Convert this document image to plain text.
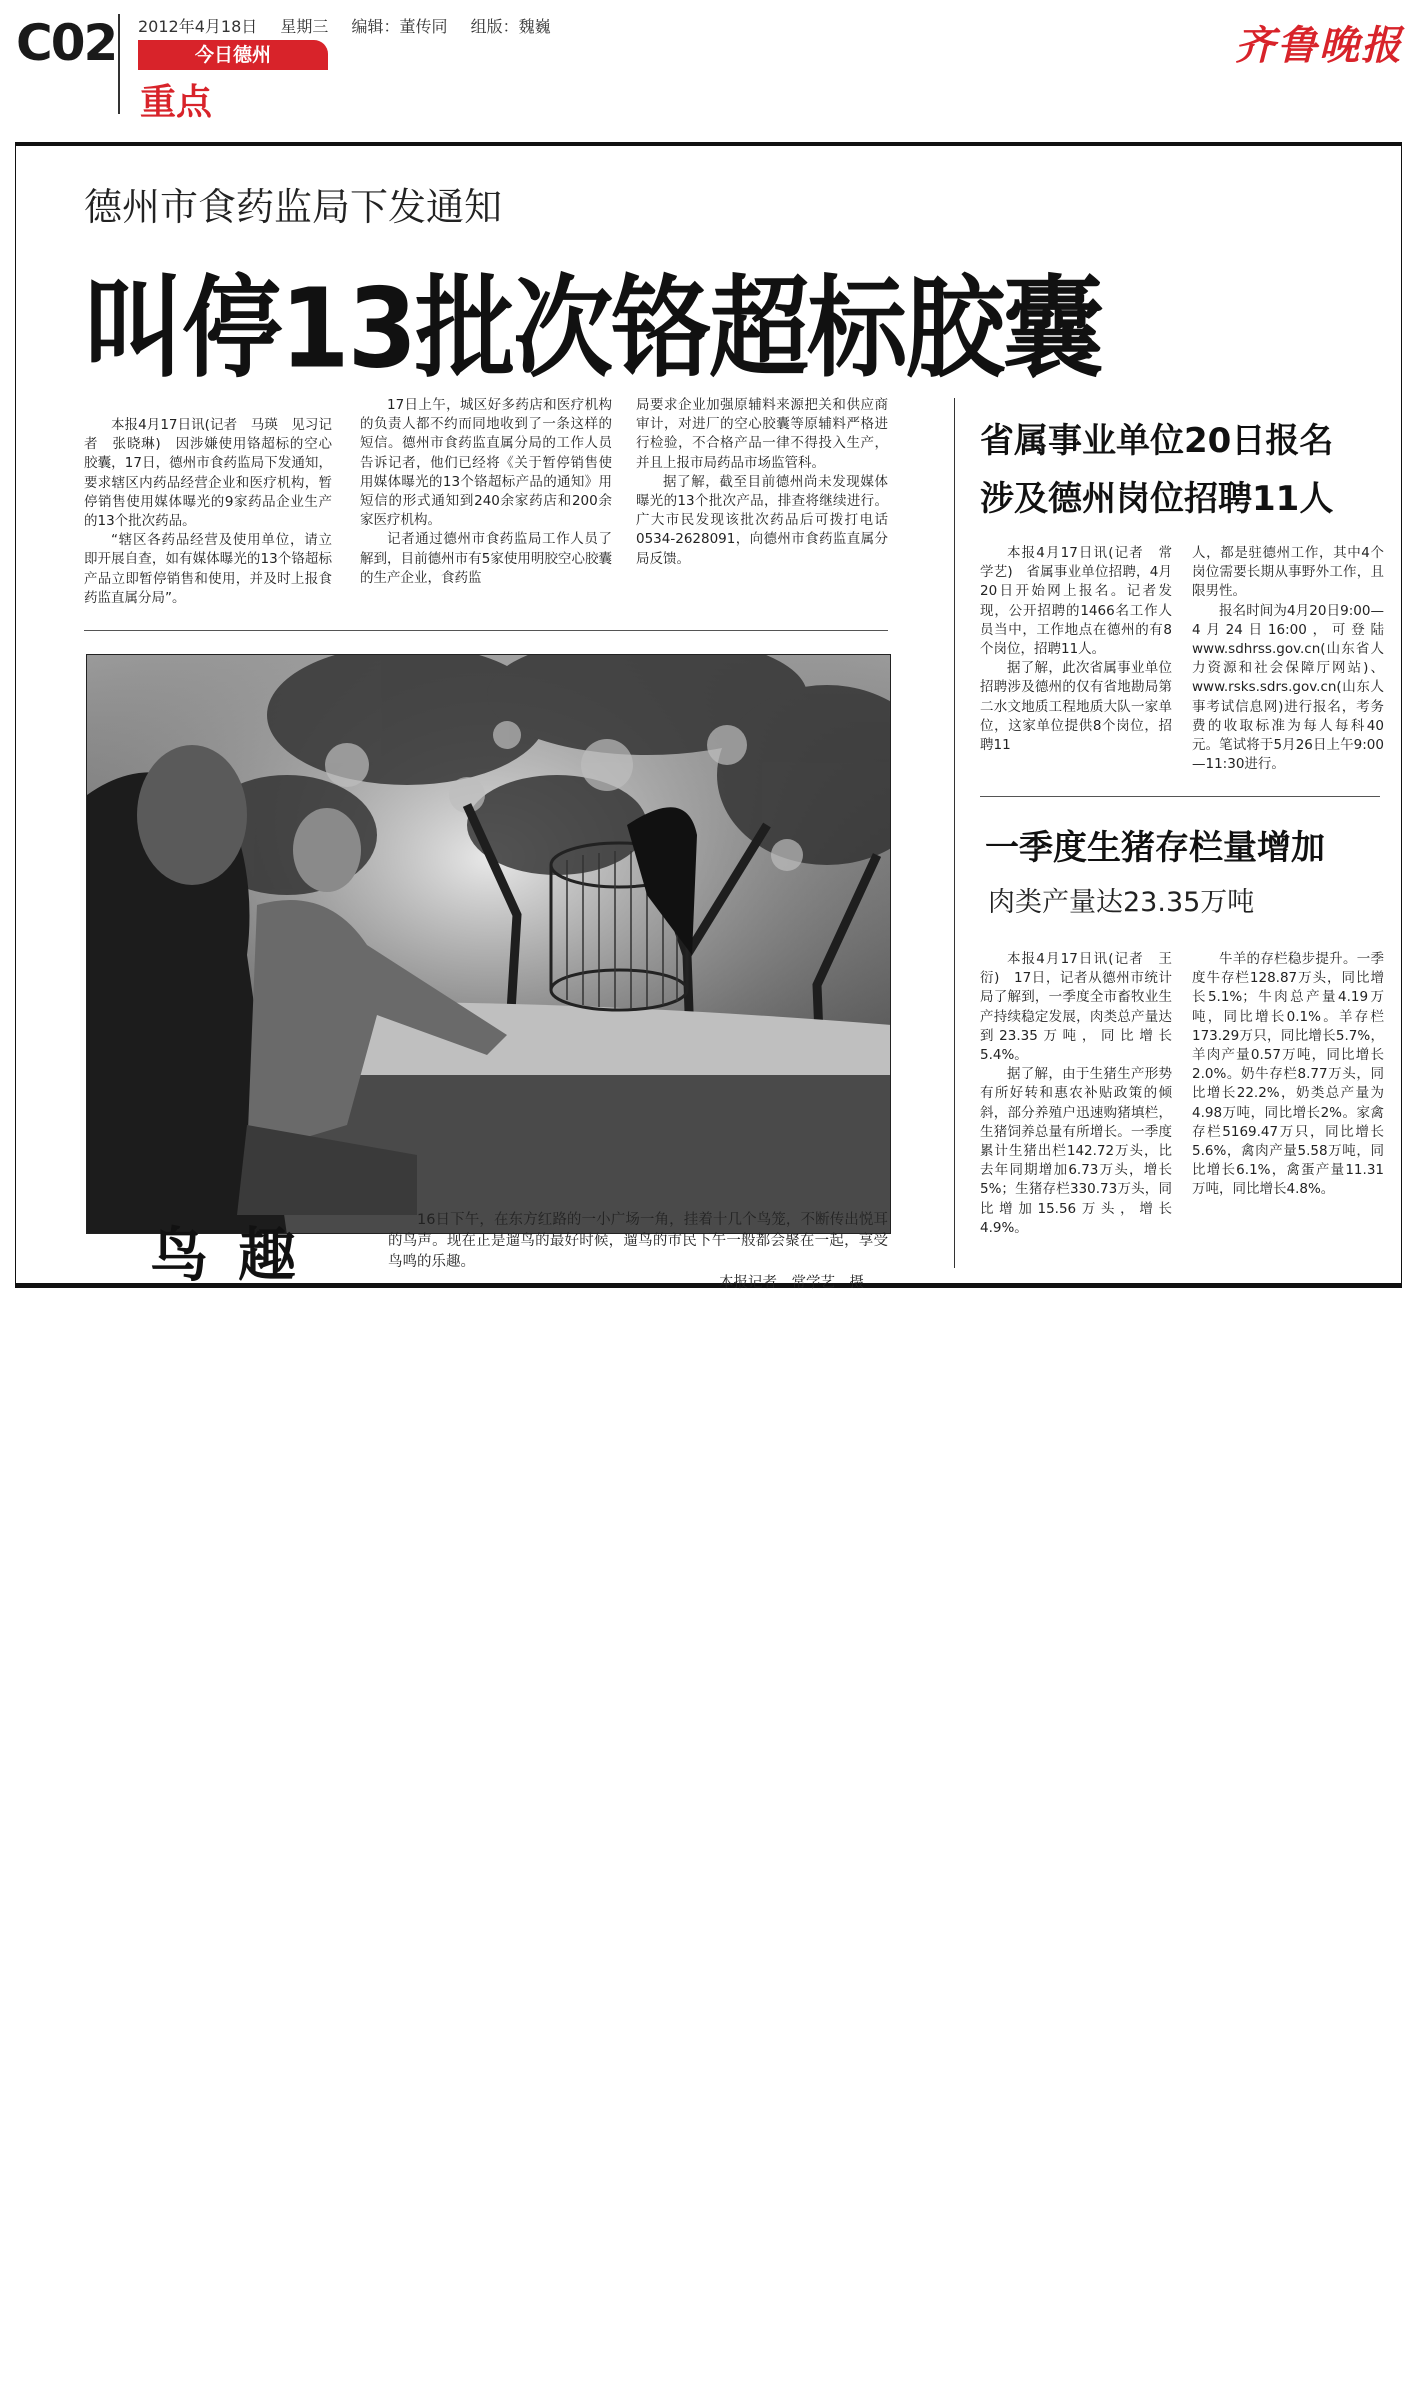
C02 2012年4月18日 星期三 编辑：董传同 组版：魏巍
今日德州
重点
齐鲁晚报
德州市食药监局下发通知
叫停13批次铬超标胶囊

本报4月17日讯(记者　马瑛　见习记者　张晓琳)　因涉嫌使用铬超标的空心胶囊，17日，德州市食药监局下发通知，要求辖区内药品经营企业和医疗机构，暂停销售使用媒体曝光的9家药品企业生产的13个批次药品。

“辖区各药品经营及使用单位，请立即开展自查，如有媒体曝光的13个铬超标产品立即暂停销售和使用，并及时上报食药监直属分局”。

17日上午，城区好多药店和医疗机构的负责人都不约而同地收到了一条这样的短信。德州市食药监直属分局的工作人员告诉记者，他们已经将《关于暂停销售使用媒体曝光的13个铬超标产品的通知》用短信的形式通知到240余家药店和200余家医疗机构。

记者通过德州市食药监局工作人员了解到，目前德州市有5家使用明胶空心胶囊的生产企业，食药监

局要求企业加强原辅料来源把关和供应商审计，对进厂的空心胶囊等原辅料严格进行检验，不合格产品一律不得投入生产，并且上报市局药品市场监管科。

据了解，截至目前德州尚未发现媒体曝光的13个批次产品，排查将继续进行。广大市民发现该批次药品后可拨打电话0534-2628091，向德州市食药监直属分局反馈。

鸟趣
16日下午，在东方红路的一小广场一角，挂着十几个鸟笼，不断传出悦耳的鸟声。现在正是遛鸟的最好时候，遛鸟的市民下午一般都会聚在一起，享受鸟鸣的乐趣。
本报记者　常学艺　摄
省属事业单位20日报名
涉及德州岗位招聘11人

本报4月17日讯(记者　常学艺)　省属事业单位招聘，4月20日开始网上报名。记者发现，公开招聘的1466名工作人员当中，工作地点在德州的有8个岗位，招聘11人。

据了解，此次省属事业单位招聘涉及德州的仅有省地勘局第二水文地质工程地质大队一家单位，这家单位提供8个岗位，招聘11

人，都是驻德州工作，其中4个岗位需要长期从事野外工作，且限男性。

报名时间为4月20日9:00—4月24日16:00，可登陆www.sdhrss.gov.cn(山东省人力资源和社会保障厅网站)、www.rsks.sdrs.gov.cn(山东人事考试信息网)进行报名，考务费的收取标准为每人每科40元。笔试将于5月26日上午9:00—11:30进行。

一季度生猪存栏量增加
肉类产量达23.35万吨

本报4月17日讯(记者　王衍)　17日，记者从德州市统计局了解到，一季度全市畜牧业生产持续稳定发展，肉类总产量达到23.35万吨，同比增长5.4%。

据了解，由于生猪生产形势有所好转和惠农补贴政策的倾斜，部分养殖户迅速购猪填栏，生猪饲养总量有所增长。一季度累计生猪出栏142.72万头，比去年同期增加6.73万头，增长5%；生猪存栏330.73万头，同比增加15.56万头，增长4.9%。

牛羊的存栏稳步提升。一季度牛存栏128.87万头，同比增长5.1%；牛肉总产量4.19万吨，同比增长0.1%。羊存栏173.29万只，同比增长5.7%，羊肉产量0.57万吨，同比增长2.0%。奶牛存栏8.77万头，同比增长22.2%，奶类总产量为4.98万吨，同比增长2%。家禽存栏5169.47万只，同比增长5.6%，禽肉产量5.58万吨，同比增长6.1%，禽蛋产量11.31万吨，同比增长4.8%。
